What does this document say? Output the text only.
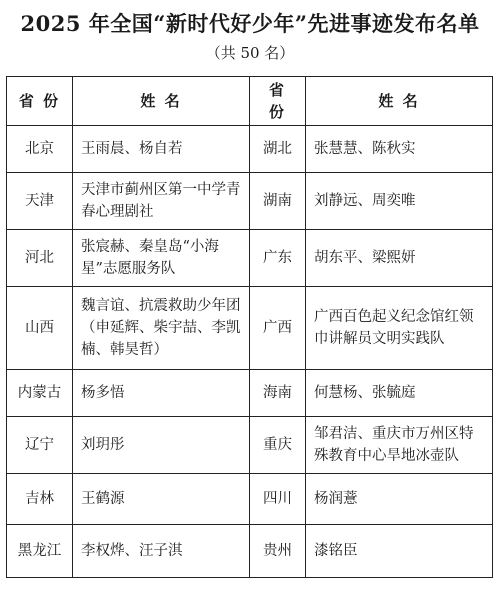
2025 年全国“新时代好少年”先进事迹发布名单
（共 50 名）
省 份	姓 名	省 份	姓 名
北京	王雨晨、杨自若	湖北	张慧慧、陈秋实
天津	天津市蓟州区第一中学青春心理剧社	湖南	刘静远、周奕唯
河北	张宸赫、秦皇岛“小海星”志愿服务队	广东	胡东平、梁熙妍
山西	魏言谊、抗震救助少年团（申延辉、柴宇喆、李凯楠、韩昊哲）	广西	广西百色起义纪念馆红领巾讲解员文明实践队
内蒙古	杨多悟	海南	何慧杨、张毓庭
辽宁	刘玥彤	重庆	邹君洁、重庆市万州区特殊教育中心旱地冰壶队
吉林	王鹤源	四川	杨润薏
黑龙江	李权烨、汪子淇	贵州	漆铭臣
